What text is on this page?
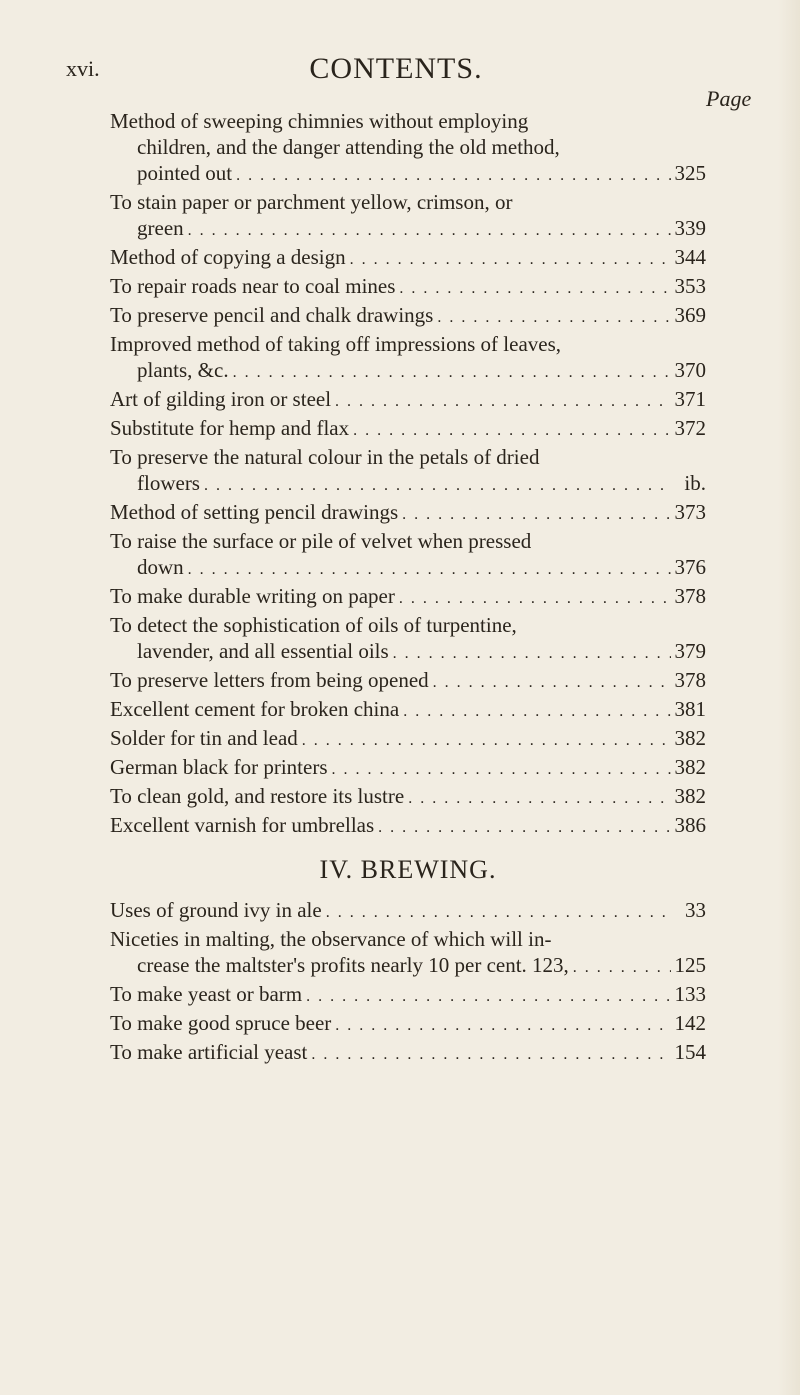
xvi.	CONTENTS.
Page
Method of sweeping chimnies without employing
children, and the danger attending the old method,
pointed out . . .	325
To stain paper or parchment yellow, crimson, or
green . . .	339
Method of copying a design . . .	344
To repair roads near to coal mines . . .	353
To preserve pencil and chalk drawings . . .	369
Improved method of taking off impressions of leaves,
plants, &c. . . .	370
Art of gilding iron or steel . . .	371
Substitute for hemp and flax . . .	372
To preserve the natural colour in the petals of dried
flowers . . .	ib.
Method of setting pencil drawings . . .	373
To raise the surface or pile of velvet when pressed
down . . .	376
To make durable writing on paper . . .	378
To detect the sophistication of oils of turpentine,
lavender, and all essential oils . . .	379
To preserve letters from being opened . . .	378
Excellent cement for broken china . . .	381
Solder for tin and lead . . .	382
German black for printers . . .	382
To clean gold, and restore its lustre . . .	382
Excellent varnish for umbrellas . . .	386
IV. BREWING.
Uses of ground ivy in ale . . .	33
Niceties in malting, the observance of which will in-
crease the maltster's profits nearly 10 per cent. 123, . . .	125
To make yeast or barm . . .	133
To make good spruce beer . . .	142
To make artificial yeast . . .	154
